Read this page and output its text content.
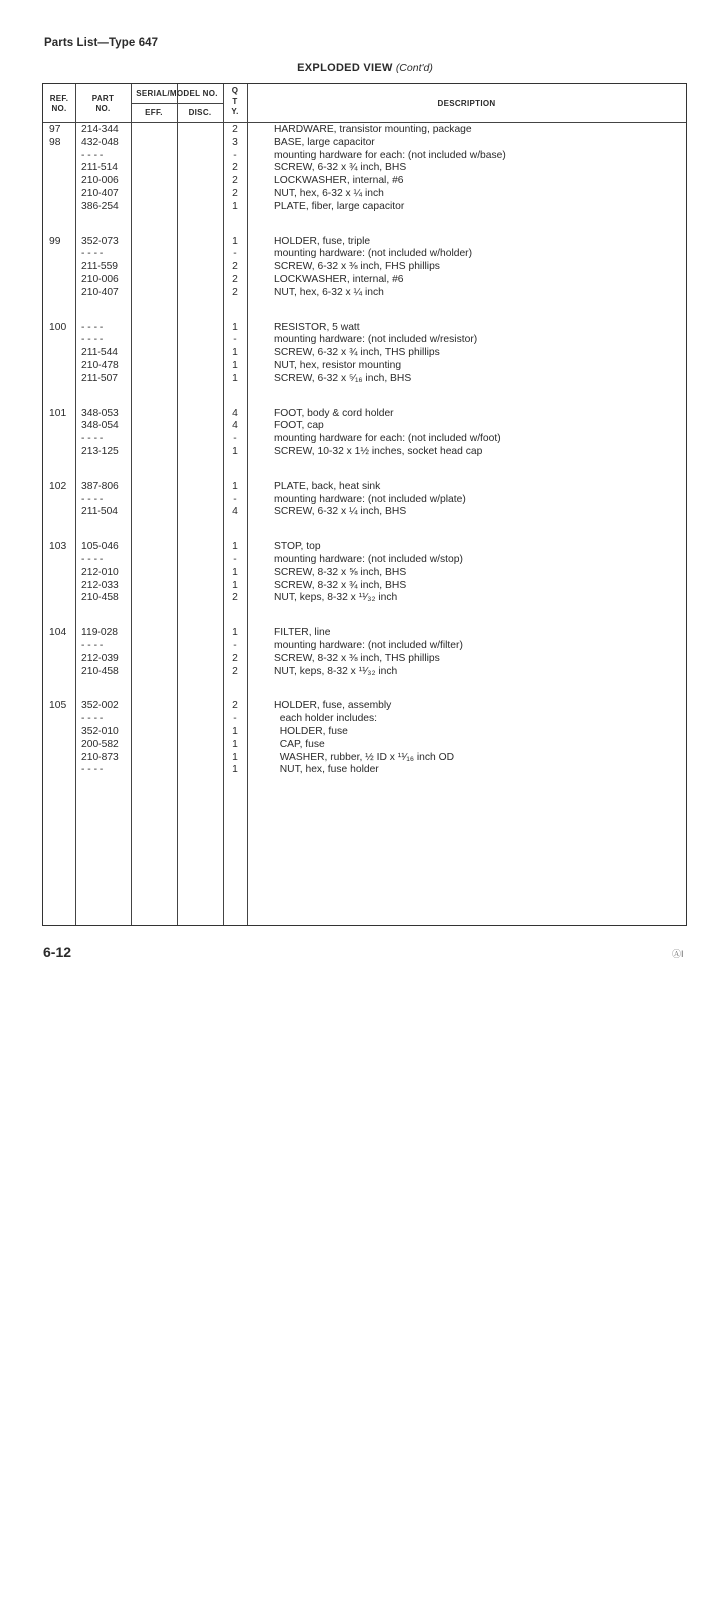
Parts List—Type 647
EXPLODED VIEW (Cont'd)
REF.
NO.
PART
NO.
SERIAL/MODEL NO.
EFF.	DISC.
Q
T
Y.
DESCRIPTION
97 214-344	2	HARDWARE, transistor mounting, package
98 432-048	3	BASE, large capacitor
- - - -	-	mounting hardware for each: (not included w/base)
211-514	2	SCREW, 6-32 x ¾ inch, BHS
210-006	2	LOCKWASHER, internal, #6
210-407	2	NUT, hex, 6-32 x ¼ inch
386-254	1	PLATE, fiber, large capacitor
99 352-073	1	HOLDER, fuse, triple
- - - -	-	mounting hardware: (not included w/holder)
211-559	2	SCREW, 6-32 x ⅜ inch, FHS phillips
210-006	2	LOCKWASHER, internal, #6
210-407	2	NUT, hex, 6-32 x ¼ inch
100 - - - -	1	RESISTOR, 5 watt
- - - -	-	mounting hardware: (not included w/resistor)
211-544	1	SCREW, 6-32 x ¾ inch, THS phillips
210-478	1	NUT, hex, resistor mounting
211-507	1	SCREW, 6-32 x ⁵⁄₁₆ inch, BHS
101 348-053	4	FOOT, body & cord holder
348-054	4	FOOT, cap
- - - -	-	mounting hardware for each: (not included w/foot)
213-125	1	SCREW, 10-32 x 1½ inches, socket head cap
102 387-806	1	PLATE, back, heat sink
- - - -	-	mounting hardware: (not included w/plate)
211-504	4	SCREW, 6-32 x ¼ inch, BHS
103 105-046	1	STOP, top
- - - -	-	mounting hardware: (not included w/stop)
212-010	1	SCREW, 8-32 x ⅝ inch, BHS
212-033	1	SCREW, 8-32 x ¾ inch, BHS
210-458	2	NUT, keps, 8-32 x ¹¹⁄₃₂ inch
104 119-028	1	FILTER, line
- - - -	-	mounting hardware: (not included w/filter)
212-039	2	SCREW, 8-32 x ⅜ inch, THS phillips
210-458	2	NUT, keps, 8-32 x ¹¹⁄₃₂ inch
105 352-002	2	HOLDER, fuse, assembly
- - - -	-	each holder includes:
352-010	1	HOLDER, fuse
200-582	1	CAP, fuse
210-873	1	WASHER, rubber, ½ ID x ¹¹⁄₁₆ inch OD
- - - -	1	NUT, hex, fuse holder
6-12	ⒶI
